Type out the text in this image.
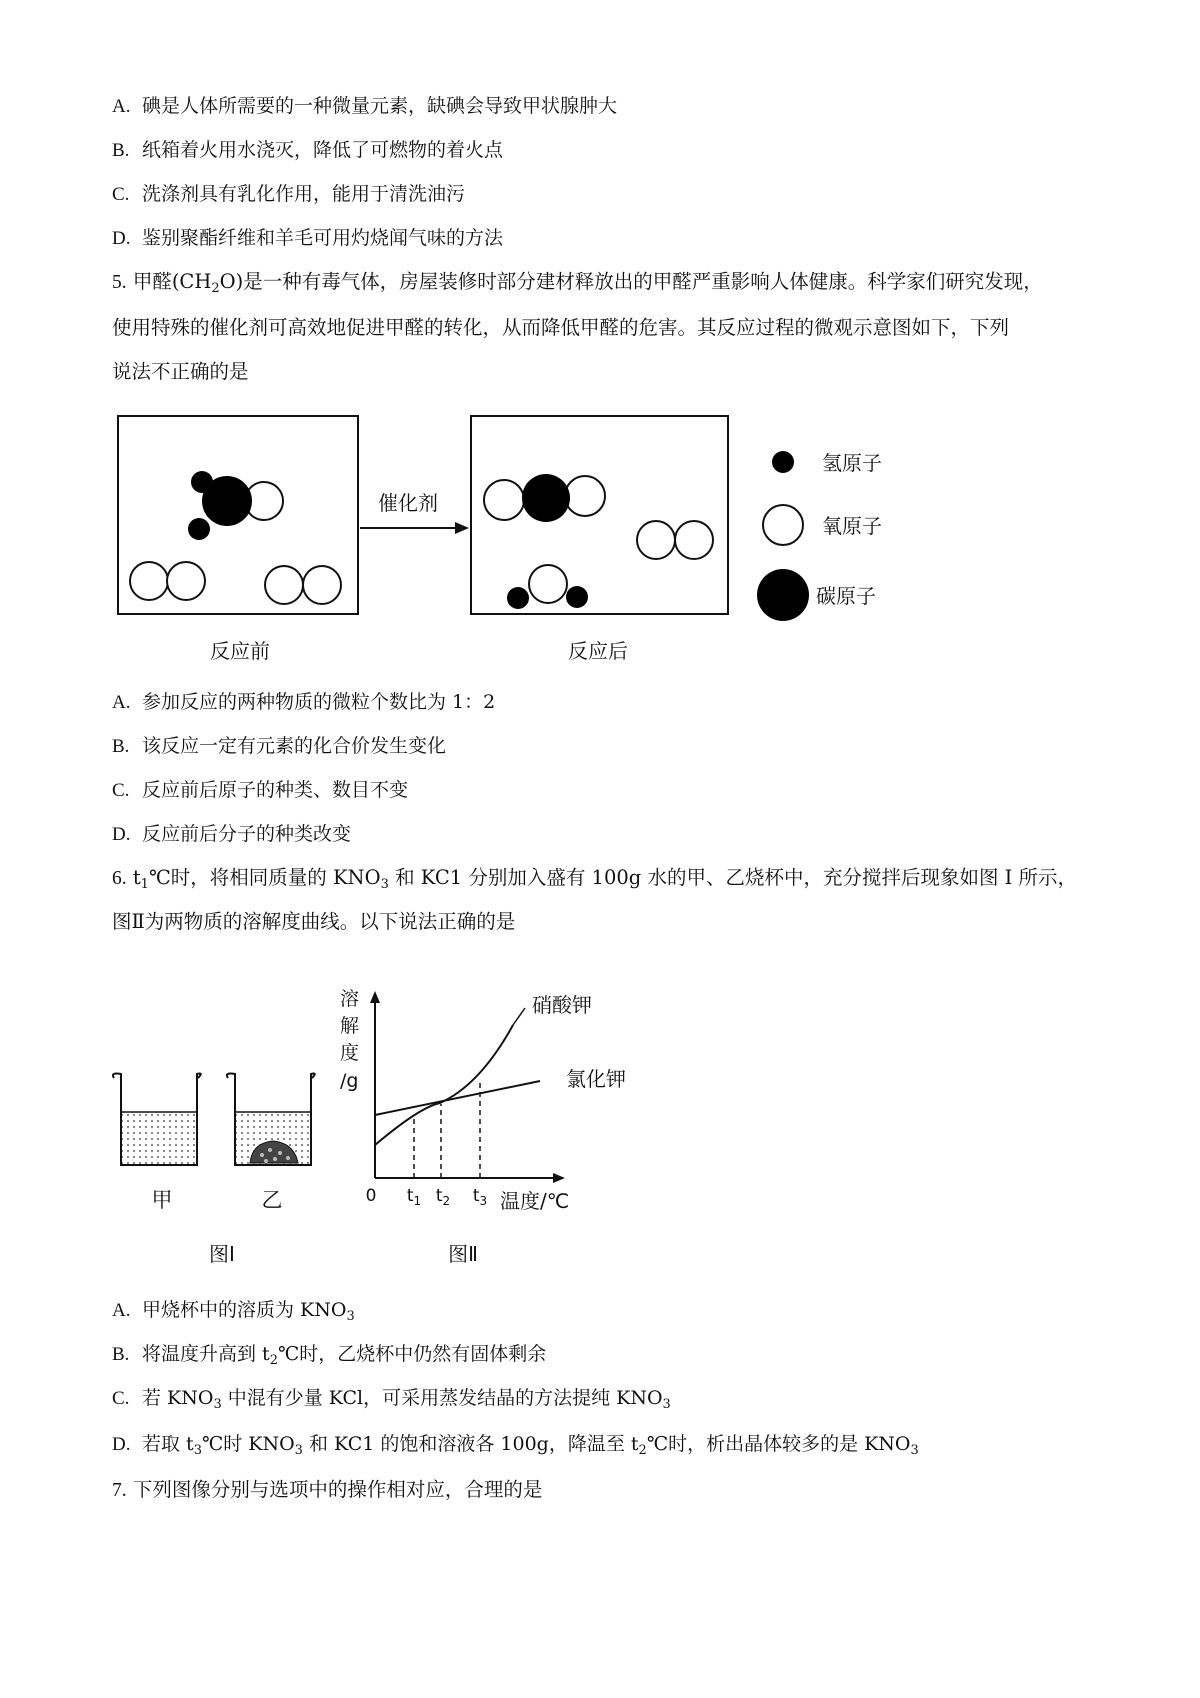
A. 碘是人体所需要的一种微量元素，缺碘会导致甲状腺肿大
B. 纸箱着火用水浇灭，降低了可燃物的着火点
C. 洗涤剂具有乳化作用，能用于清洗油污
D. 鉴别聚酯纤维和羊毛可用灼烧闻气味的方法
5. 甲醛$(CH_2O)$是一种有毒气体，房屋装修时部分建材释放出的甲醛严重影响人体健康。科学家们研究发现，
使用特殊的催化剂可高效地促进甲醛的转化，从而降低甲醛的危害。其反应过程的微观示意图如下，下列
说法不正确的是
催化剂
氢原子
氧原子
碳原子
反应前	反应后
A. 参加反应的两种物质的微粒个数比为 1：2
B. 该反应一定有元素的化合价发生变化
C. 反应前后原子的种类、数目不变
D. 反应前后分子的种类改变
6. $t_1℃$时，将相同质量的 $KNO_3$ 和 KC1 分别加入盛有 100g 水的甲、乙烧杯中，充分搅拌后现象如图 I 所示，
图Ⅱ为两物质的溶解度曲线。以下说法正确的是
甲	乙
图Ⅰ
溶
解
度
/g
硝酸钾
氯化钾
0 $t_1$ $t_2$ $t_3$ 温度/℃
图Ⅱ
A. 甲烧杯中的溶质为 $KNO_3$
B. 将温度升高到 $t_2℃$时，乙烧杯中仍然有固体剩余
C. 若 $KNO_3$ 中混有少量 KCl，可采用蒸发结晶的方法提纯 $KNO_3$
D. 若取 $t_3℃$时 $KNO_3$ 和 KC1 的饱和溶液各 100g，降温至 $t_2℃$时，析出晶体较多的是 $KNO_3$
7. 下列图像分别与选项中的操作相对应，合理的是
